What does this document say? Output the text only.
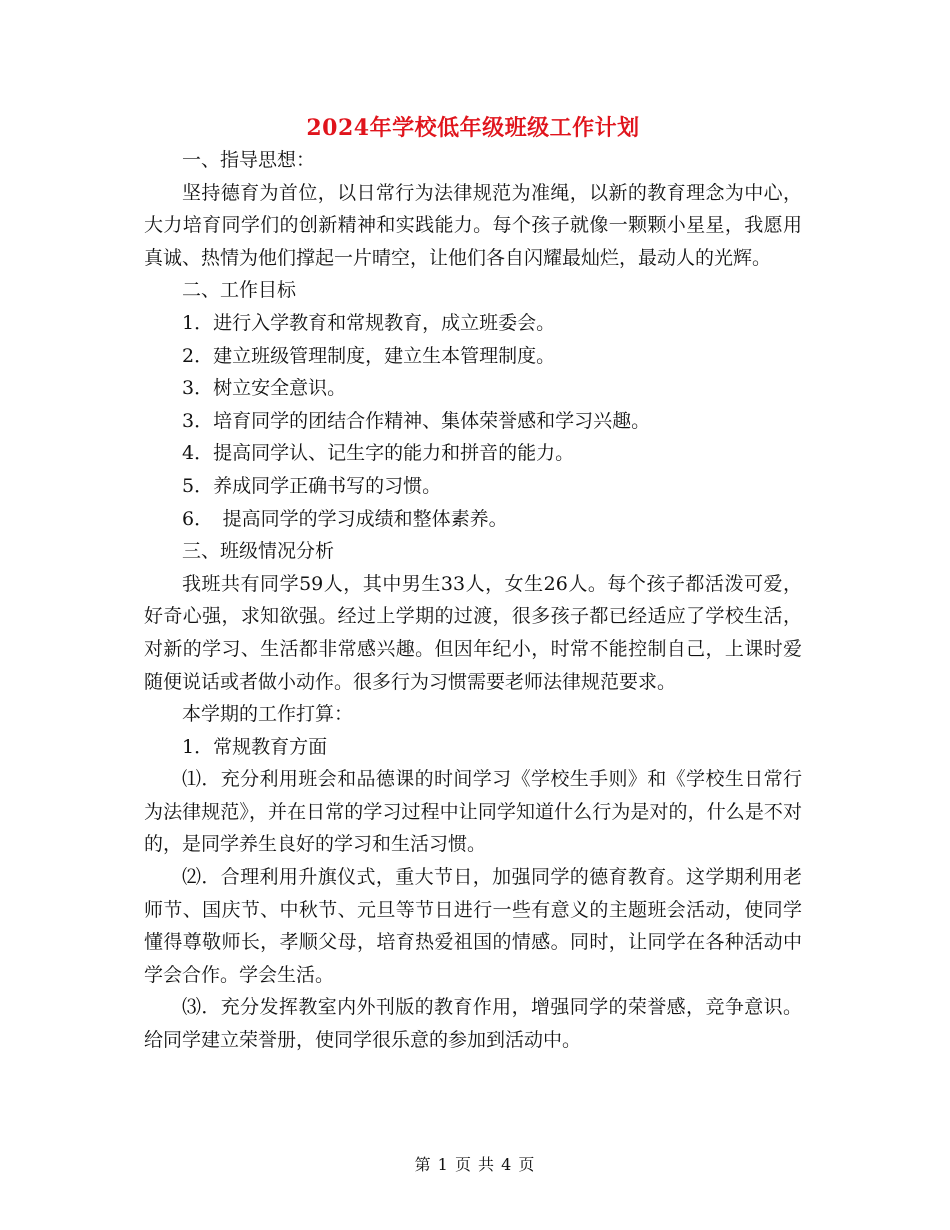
2024年学校低年级班级工作计划

一、指导思想：

坚持德育为首位，以日常行为法律规范为准绳，以新的教育理念为中心，大力培育同学们的创新精神和实践能力。每个孩子就像一颗颗小星星，我愿用真诚、热情为他们撑起一片晴空，让他们各自闪耀最灿烂，最动人的光辉。

二、工作目标

1．进行入学教育和常规教育，成立班委会。

2．建立班级管理制度，建立生本管理制度。

3．树立安全意识。

3．培育同学的团结合作精神、集体荣誉感和学习兴趣。

4．提高同学认、记生字的能力和拼音的能力。

5．养成同学正确书写的习惯。

6．　提高同学的学习成绩和整体素养。

三、班级情况分析

我班共有同学59人，其中男生33人，女生26人。每个孩子都活泼可爱，好奇心强，求知欲强。经过上学期的过渡，很多孩子都已经适应了学校生活，对新的学习、生活都非常感兴趣。但因年纪小，时常不能控制自己，上课时爱随便说话或者做小动作。很多行为习惯需要老师法律规范要求。

本学期的工作打算：

1．常规教育方面

⑴．充分利用班会和品德课的时间学习《学校生手则》和《学校生日常行为法律规范》，并在日常的学习过程中让同学知道什么行为是对的，什么是不对的，是同学养生良好的学习和生活习惯。

⑵．合理利用升旗仪式，重大节日，加强同学的德育教育。这学期利用老师节、国庆节、中秋节、元旦等节日进行一些有意义的主题班会活动，使同学懂得尊敬师长，孝顺父母，培育热爱祖国的情感。同时，让同学在各种活动中学会合作。学会生活。

⑶．充分发挥教室内外刊版的教育作用，增强同学的荣誉感，竞争意识。给同学建立荣誉册，使同学很乐意的参加到活动中。

第 1 页 共 4 页
